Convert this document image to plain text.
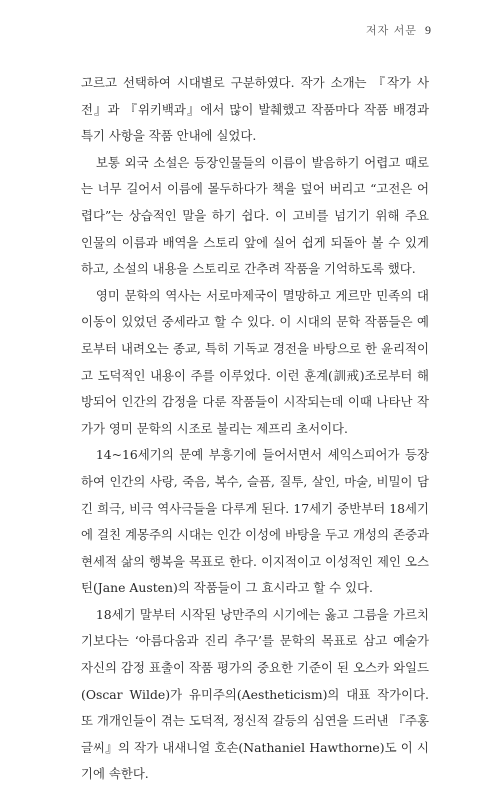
저자 서문 9

고르고 선택하여 시대별로 구분하였다. 작가 소개는 『작가 사전』과 『위키백과』에서 많이 발췌했고 작품마다 작품 배경과 특기 사항을 작품 안내에 실었다.

보통 외국 소설은 등장인물들의 이름이 발음하기 어렵고 때로는 너무 길어서 이름에 몰두하다가 책을 덮어 버리고 “고전은 어렵다”는 상습적인 말을 하기 쉽다. 이 고비를 넘기기 위해 주요 인물의 이름과 배역을 스토리 앞에 실어 쉽게 되돌아 볼 수 있게 하고, 소설의 내용을 스토리로 간추려 작품을 기억하도록 했다.

영미 문학의 역사는 서로마제국이 멸망하고 게르만 민족의 대이동이 있었던 중세라고 할 수 있다. 이 시대의 문학 작품들은 예로부터 내려오는 종교, 특히 기독교 경전을 바탕으로 한 윤리적이고 도덕적인 내용이 주를 이루었다. 이런 훈계(訓戒)조로부터 해방되어 인간의 감정을 다룬 작품들이 시작되는데 이때 나타난 작가가 영미 문학의 시조로 불리는 제프리 초서이다.

14~16세기의 문예 부흥기에 들어서면서 셰익스피어가 등장하여 인간의 사랑, 죽음, 복수, 슬픔, 질투, 살인, 마술, 비밀이 담긴 희극, 비극 역사극들을 다루게 된다. 17세기 중반부터 18세기에 걸친 계몽주의 시대는 인간 이성에 바탕을 두고 개성의 존중과 현세적 삶의 행복을 목표로 한다. 이지적이고 이성적인 제인 오스틴(Jane Austen)의 작품들이 그 효시라고 할 수 있다.

18세기 말부터 시작된 낭만주의 시기에는 옳고 그름을 가르치기보다는 ‘아름다움과 진리 추구’를 문학의 목표로 삼고 예술가 자신의 감정 표출이 작품 평가의 중요한 기준이 된 오스카 와일드(Oscar Wilde)가 유미주의(Aestheticism)의 대표 작가이다. 또 개개인들이 겪는 도덕적, 정신적 갈등의 심연을 드러낸 『주홍글씨』의 작가 내새니얼 호손(Nathaniel Hawthorne)도 이 시기에 속한다.
